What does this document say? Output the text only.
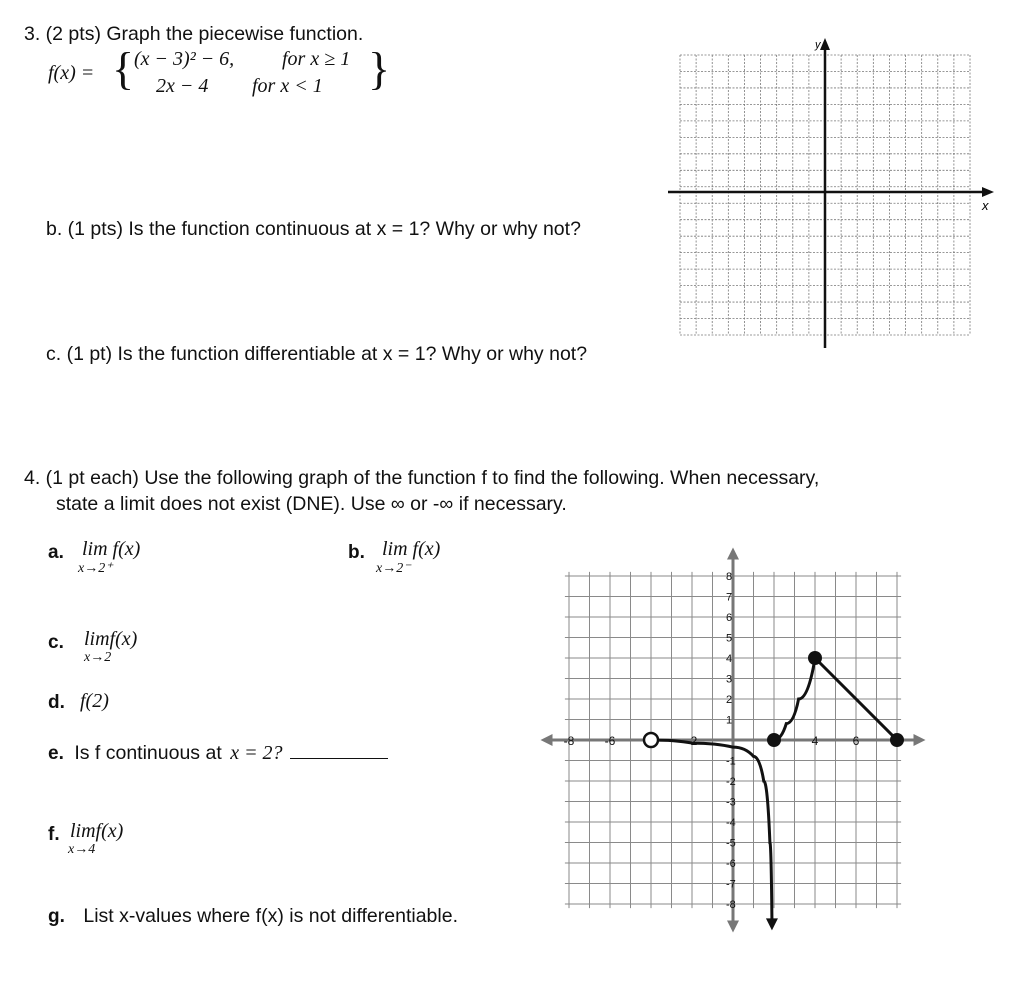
3. (2 pts) Graph the piecewise function.
f(x) = { (x − 3)² − 6, for x ≥ 1
2x − 4 for x < 1 }
b. (1 pts) Is the function continuous at x = 1? Why or why not?
c. (1 pt) Is the function differentiable at x = 1? Why or why not?
y
x
4. (1 pt each) Use the following graph of the function f to find the following. When necessary,
state a limit does not exist (DNE). Use ∞ or -∞ if necessary.
a. lim f(x)
x→2⁺
b. lim f(x)
x→2⁻
c. limf(x)
x→2
d. f(2)
e. Is f continuous at x = 2?
f. limf(x)
x→4
g. List x-values where f(x) is not differentiable.
-8	-6	-2	4	6
8
7
6
5
4
3
2
1
-1
-2
-3
-4
-5
-6
-7
-8
